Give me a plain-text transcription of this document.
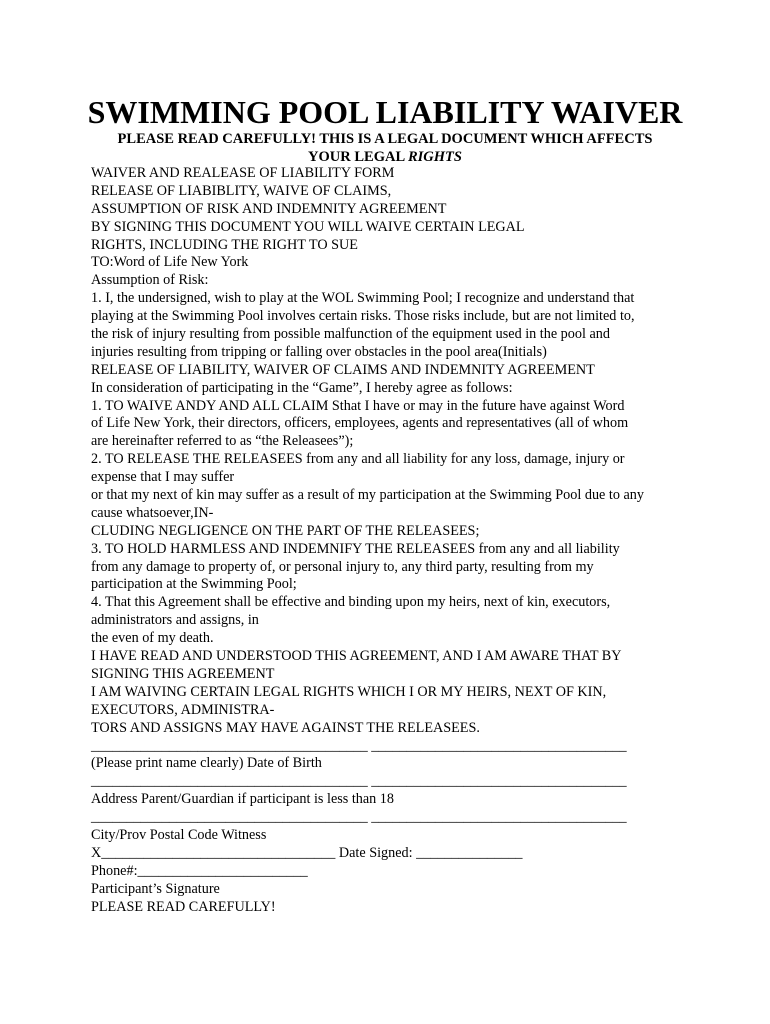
SWIMMING POOL LIABILITY WAIVER
PLEASE READ CAREFULLY! THIS IS A LEGAL DOCUMENT WHICH AFFECTS
YOUR LEGAL RIGHTS
WAIVER AND REALEASE OF LIABILITY FORM
RELEASE OF LIABIBLITY, WAIVE OF CLAIMS,
ASSUMPTION OF RISK AND INDEMNITY AGREEMENT
BY SIGNING THIS DOCUMENT YOU WILL WAIVE CERTAIN LEGAL
RIGHTS, INCLUDING THE RIGHT TO SUE
TO:Word of Life New York
Assumption of Risk:
1. I, the undersigned, wish to play at the WOL Swimming Pool; I recognize and understand that
playing at the Swimming Pool involves certain risks. Those risks include, but are not limited to,
the risk of injury resulting from possible malfunction of the equipment used in the pool and
injuries resulting from tripping or falling over obstacles in the pool area(Initials)
RELEASE OF LIABILITY, WAIVER OF CLAIMS AND INDEMNITY AGREEMENT
In consideration of participating in the “Game”, I hereby agree as follows:
1. TO WAIVE ANDY AND ALL CLAIM Sthat I have or may in the future have against Word
of Life New York, their directors, officers, employees, agents and representatives (all of whom
are hereinafter referred to as “the Releasees”);
2. TO RELEASE THE RELEASEES from any and all liability for any loss, damage, injury or
expense that I may suffer
or that my next of kin may suffer as a result of my participation at the Swimming Pool due to any
cause whatsoever,IN-
CLUDING NEGLIGENCE ON THE PART OF THE RELEASEES;
3. TO HOLD HARMLESS AND INDEMNIFY THE RELEASEES from any and all liability
from any damage to property of, or personal injury to, any third party, resulting from my
participation at the Swimming Pool;
4. That this Agreement shall be effective and binding upon my heirs, next of kin, executors,
administrators and assigns, in
the even of my death.
I HAVE READ AND UNDERSTOOD THIS AGREEMENT, AND I AM AWARE THAT BY
SIGNING THIS AGREEMENT
I AM WAIVING CERTAIN LEGAL RIGHTS WHICH I OR MY HEIRS, NEXT OF KIN,
EXECUTORS, ADMINISTRA-
TORS AND ASSIGNS MAY HAVE AGAINST THE RELEASEES.
_______________________________________ ____________________________________
(Please print name clearly) Date of Birth
_______________________________________ ____________________________________
Address Parent/Guardian if participant is less than 18
_______________________________________ ____________________________________
City/Prov Postal Code Witness
X_________________________________ Date Signed: _______________
Phone#:________________________
Participant’s Signature
PLEASE READ CAREFULLY!
